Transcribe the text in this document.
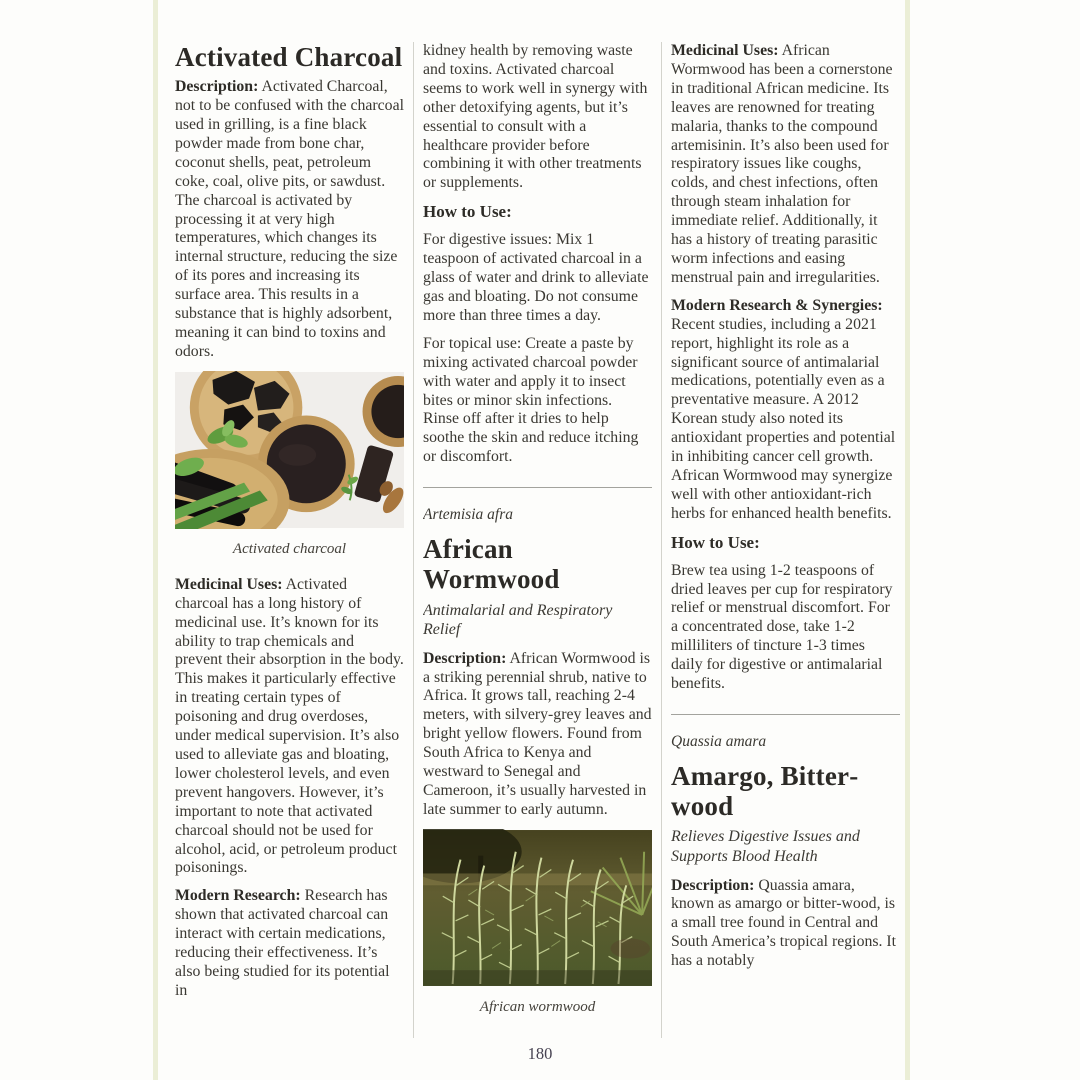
Activated Charcoal

Description: Activated Charcoal, not to be confused with the charcoal used in grilling, is a fine black powder made from bone char, coconut shells, peat, petroleum coke, coal, olive pits, or sawdust. The charcoal is activated by processing it at very high temperatures, which changes its internal structure, reducing the size of its pores and increasing its surface area. This results in a substance that is highly adsorbent, meaning it can bind to toxins and odors.

Activated charcoal

Medicinal Uses: Activated charcoal has a long history of medicinal use. It’s known for its ability to trap chemicals and prevent their absorption in the body. This makes it particularly effective in treating certain types of poisoning and drug overdoses, under medical supervision. It’s also used to alleviate gas and bloating, lower cholesterol levels, and even prevent hangovers. However, it’s important to note that activated charcoal should not be used for alcohol, acid, or petroleum product poisonings.

Modern Research: Research has shown that activated charcoal can interact with certain medications, reducing their effectiveness. It’s also being studied for its potential in

kidney health by removing waste and toxins. Activated charcoal seems to work well in synergy with other detoxifying agents, but it’s essential to consult with a healthcare provider before combining it with other treatments or supplements.

How to Use:

For digestive issues: Mix 1 teaspoon of activated charcoal in a glass of water and drink to alleviate gas and bloating. Do not consume more than three times a day.

For topical use: Create a paste by mixing activated charcoal powder with water and apply it to insect bites or minor skin infections. Rinse off after it dries to help soothe the skin and reduce itching or discomfort.

Artemisia afra
African Wormwood
Antimalarial and Respiratory Relief

Description: African Wormwood is a striking perennial shrub, native to Africa. It grows tall, reaching 2-4 meters, with silvery-grey leaves and bright yellow flowers. Found from South Africa to Kenya and westward to Senegal and Cameroon, it’s usually harvested in late summer to early autumn.

African wormwood

Medicinal Uses: African Wormwood has been a cornerstone in traditional African medicine. Its leaves are renowned for treating malaria, thanks to the compound artemisinin. It’s also been used for respiratory issues like coughs, colds, and chest infections, often through steam inhalation for immediate relief. Additionally, it has a history of treating parasitic worm infections and easing menstrual pain and irregularities.

Modern Research & Synergies: Recent studies, including a 2021 report, highlight its role as a significant source of antimalarial medications, potentially even as a preventative measure. A 2012 Korean study also noted its antioxidant properties and potential in inhibiting cancer cell growth. African Wormwood may synergize well with other antioxidant-rich herbs for enhanced health benefits.

How to Use:

Brew tea using 1-2 teaspoons of dried leaves per cup for respiratory relief or menstrual discomfort. For a concentrated dose, take 1-2 milliliters of tincture 1-3 times daily for digestive or antimalarial benefits.

Quassia amara
Amargo, Bitterwood
Relieves Digestive Issues and Supports Blood Health

Description: Quassia amara, known as amargo or bitter-wood, is a small tree found in Central and South America’s tropical regions. It has a notably

180
